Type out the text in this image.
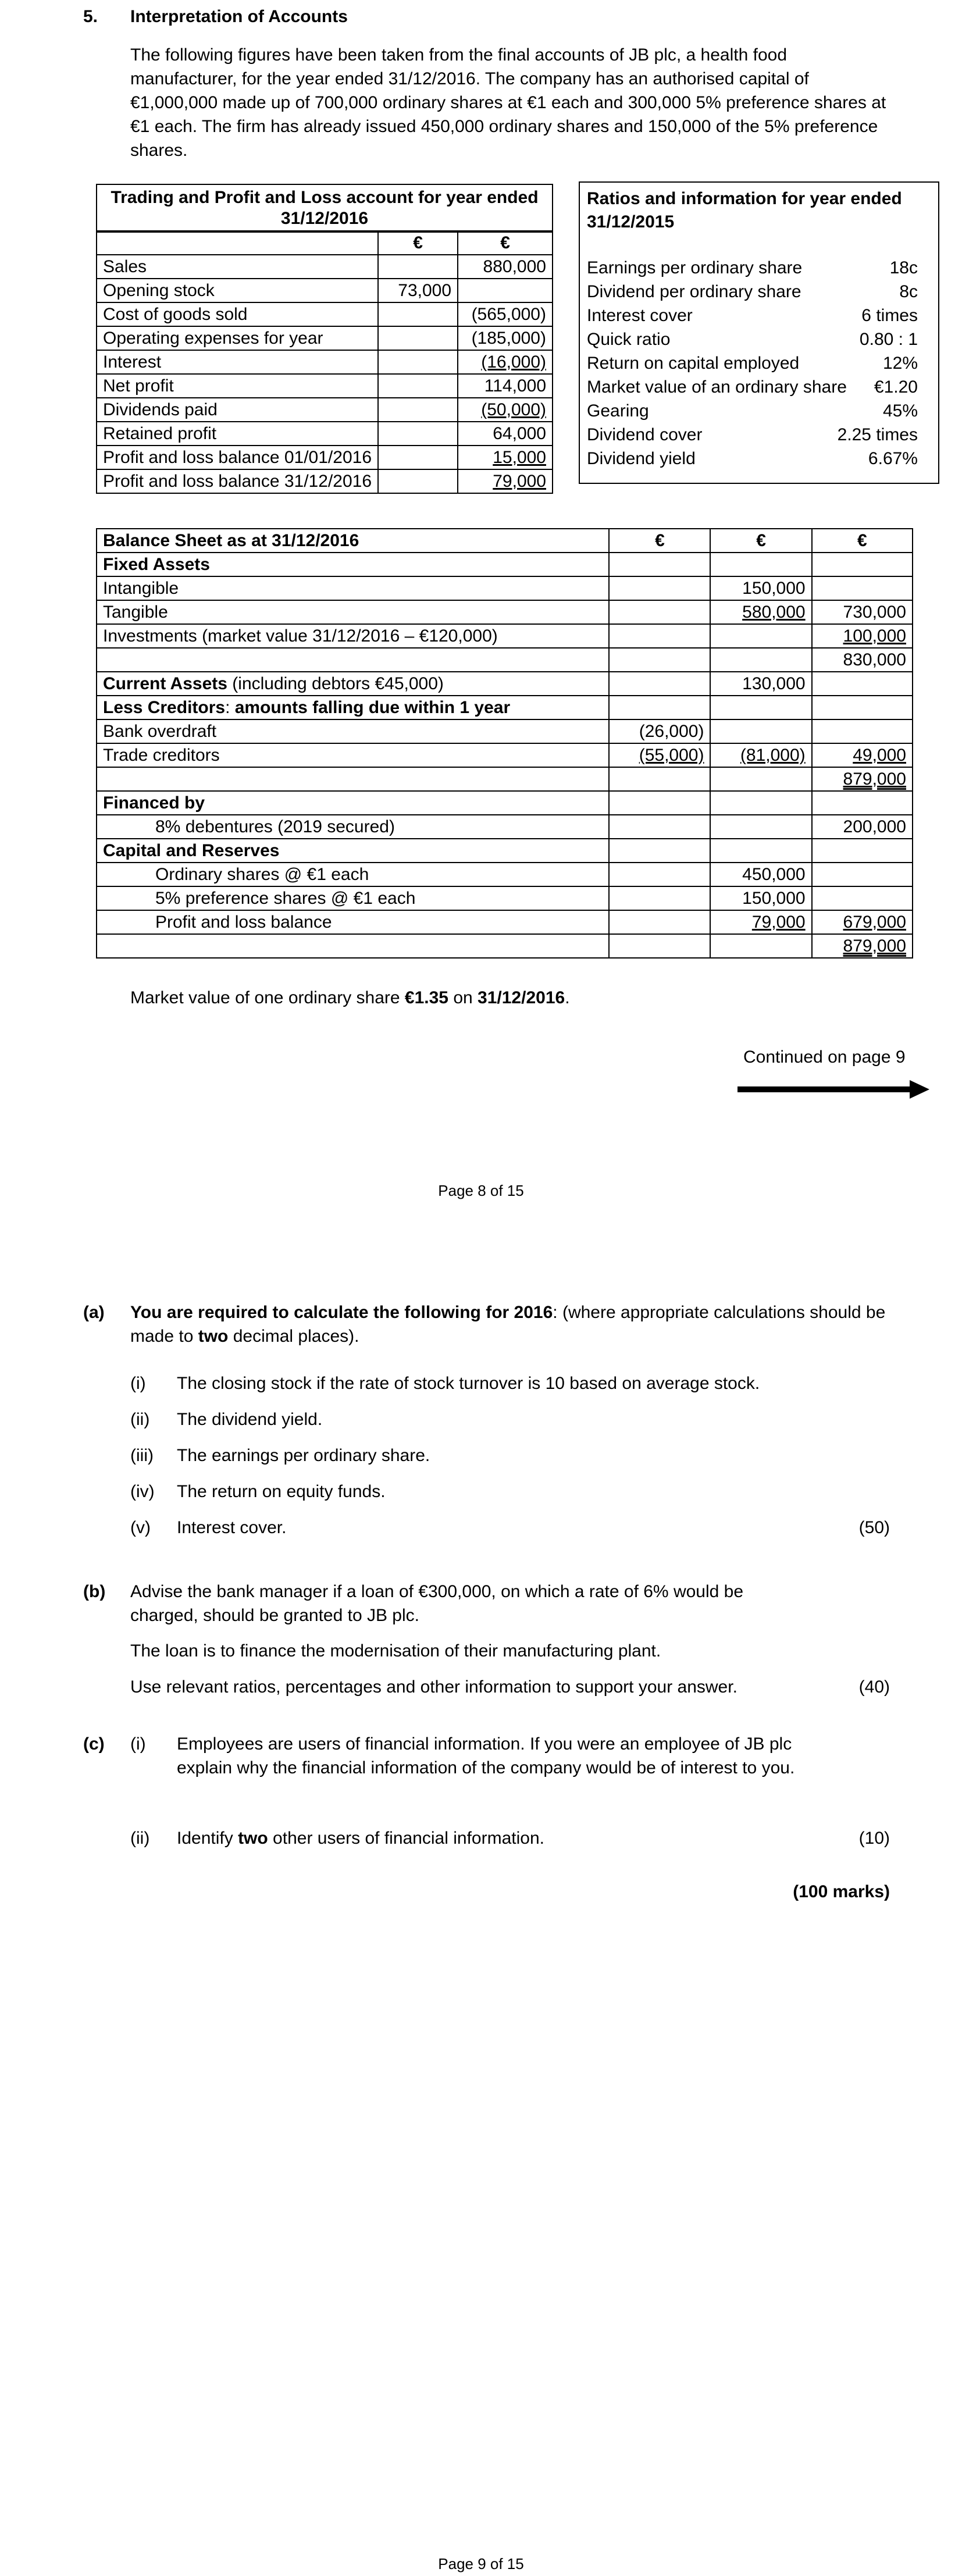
5. Interpretation of Accounts
The following figures have been taken from the final accounts of JB plc, a health food manufacturer, for the year ended 31/12/2016. The company has an authorised capital of €1,000,000 made up of 700,000 ordinary shares at €1 each and 300,000 5% preference shares at €1 each. The firm has already issued 450,000 ordinary shares and 150,000 of the 5% preference shares.
Trading and Profit and Loss account for year ended 31/12/2016		
	€	€
Sales		880,000
Opening stock	73,000	
Cost of goods sold		(565,000)
Operating expenses for year		(185,000)
Interest		(16,000)
Net profit		114,000
Dividends paid		(50,000)
Retained profit		64,000
Profit and loss balance 01/01/2016		15,000
Profit and loss balance 31/12/2016		79,000
Ratios and information for year ended 31/12/2015
Earnings per ordinary share	18c
Dividend per ordinary share	8c
Interest cover	6 times
Quick ratio	0.80 : 1
Return on capital employed	12%
Market value of an ordinary share €1.20
Gearing	45%
Dividend cover	2.25 times
Dividend yield	6.67%
Balance Sheet as at 31/12/2016	€	€	€
Fixed Assets			
Intangible		150,000	
Tangible		580,000	730,000
Investments (market value 31/12/2016 – €120,000)			100,000
			830,000
Current Assets (including debtors €45,000)		130,000	
Less Creditors: amounts falling due within 1 year			
Bank overdraft	(26,000)		
Trade creditors	(55,000)	(81,000)	49,000
			879,000
Financed by			
8% debentures (2019 secured)			200,000
Capital and Reserves			
Ordinary shares @ €1 each		450,000	
5% preference shares @ €1 each		150,000	
Profit and loss balance		79,000	679,000
			879,000
Market value of one ordinary share €1.35 on 31/12/2016.
Continued on page 9
Page 8 of 15
(a) You are required to calculate the following for 2016: (where appropriate calculations should be made to two decimal places).
(i) The closing stock if the rate of stock turnover is 10 based on average stock.
(ii) The dividend yield.
(iii) The earnings per ordinary share.
(iv) The return on equity funds.
(v) Interest cover.	(50)
(b) Advise the bank manager if a loan of €300,000, on which a rate of 6% would be charged, should be granted to JB plc.
The loan is to finance the modernisation of their manufacturing plant.
Use relevant ratios, percentages and other information to support your answer.	(40)
(c) (i) Employees are users of financial information. If you were an employee of JB plc explain why the financial information of the company would be of interest to you.
(ii) Identify two other users of financial information.	(10)
(100 marks)
Page 9 of 15
